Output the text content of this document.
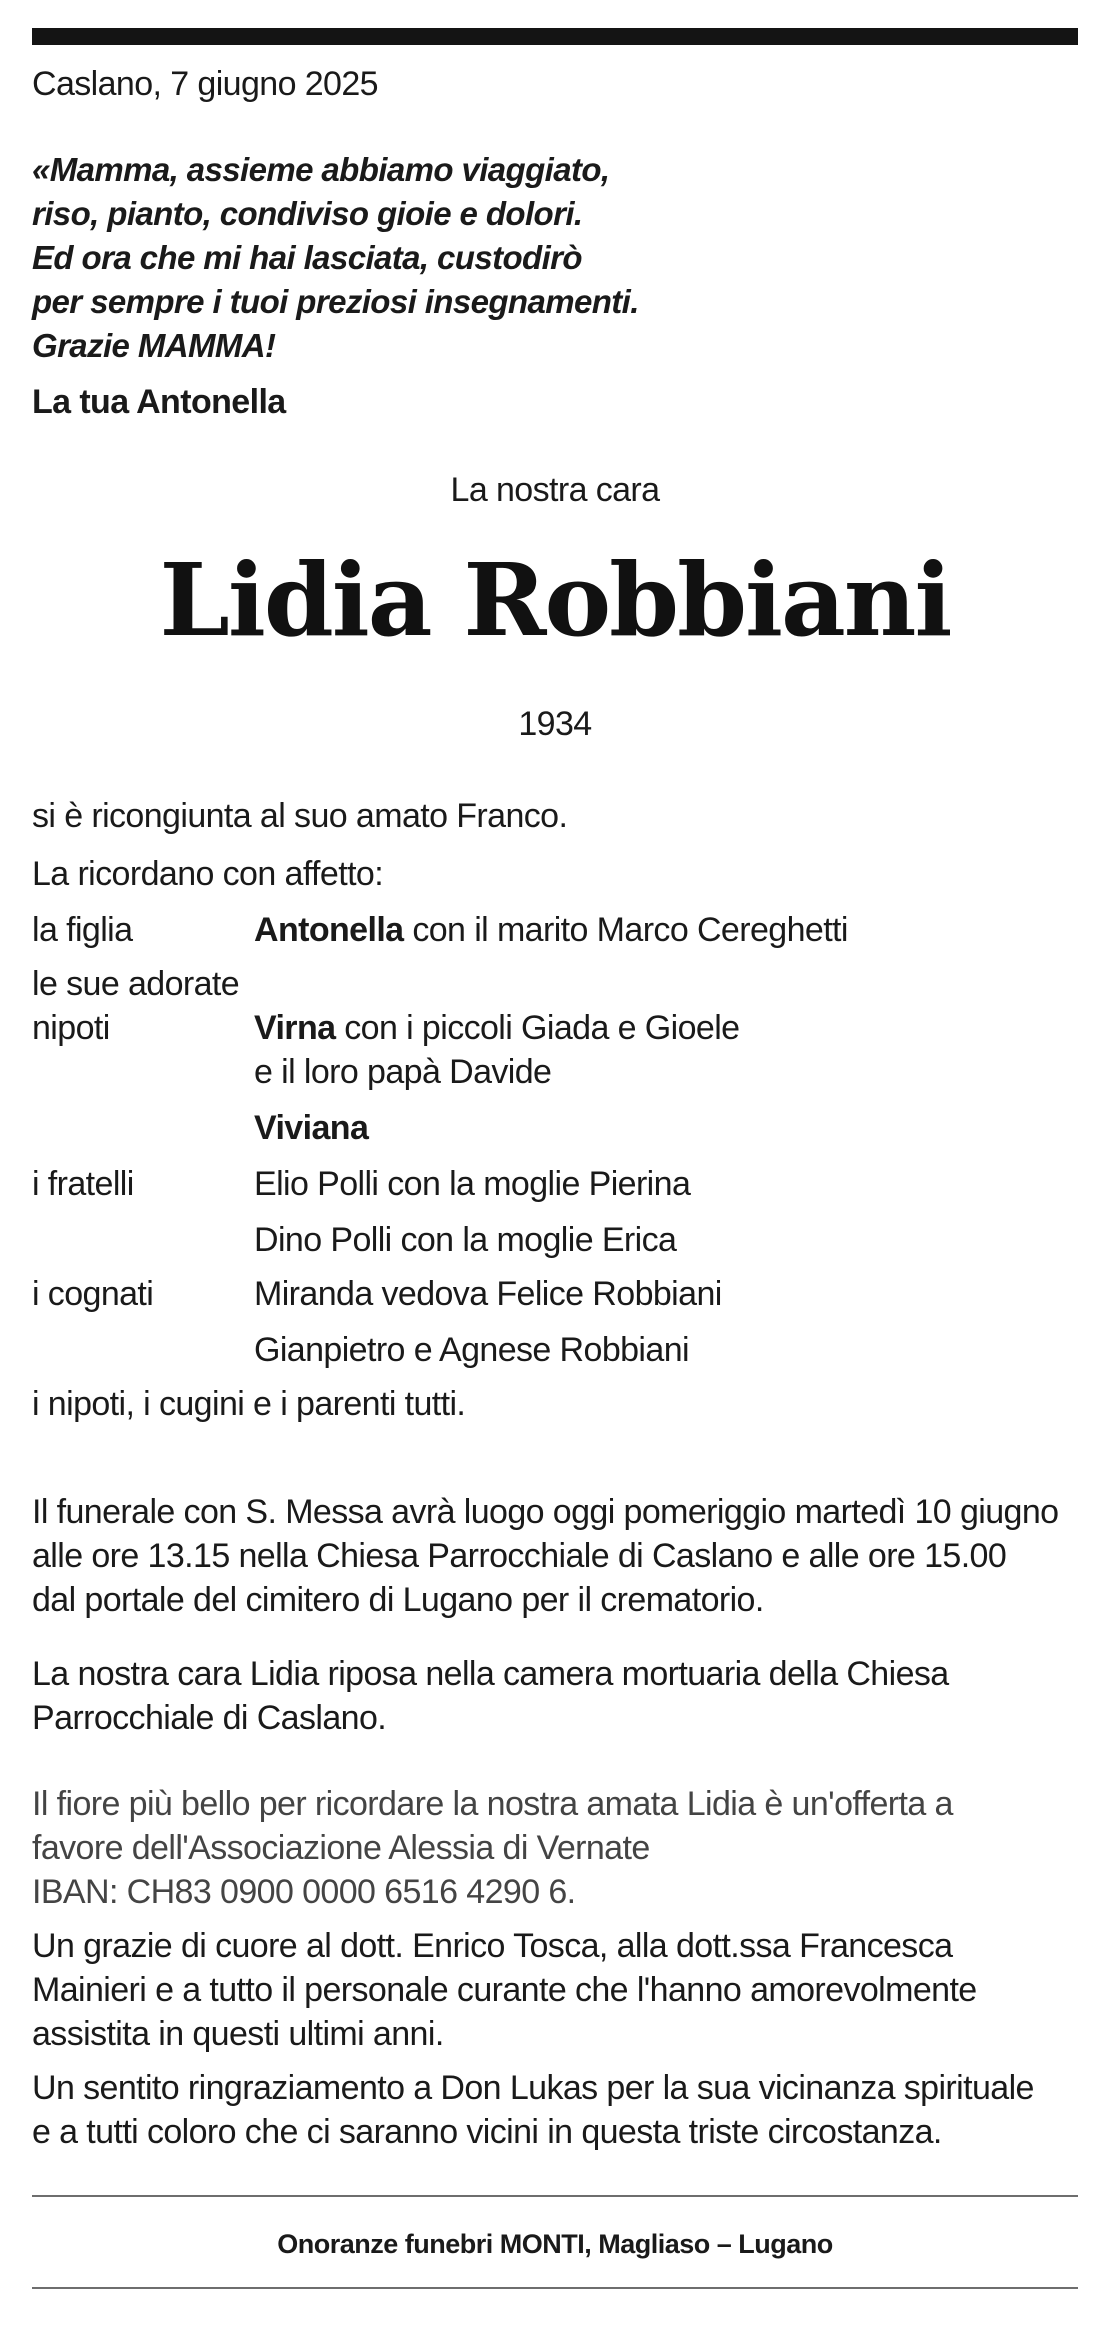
Caslano, 7 giugno 2025
«Mamma, assieme abbiamo viaggiato,
riso, pianto, condiviso gioie e dolori.
Ed ora che mi hai lasciata, custodirò
per sempre i tuoi preziosi insegnamenti.
Grazie MAMMA!
La tua Antonella
La nostra cara
Lidia Robbiani
1934
si è ricongiunta al suo amato Franco.
La ricordano con affetto:
la figlia	Antonella con il marito Marco Cereghetti
le sue adorate
nipoti	Virna con i piccoli Giada e Gioele
e il loro papà Davide
Viviana
i fratelli	Elio Polli con la moglie Pierina
Dino Polli con la moglie Erica
i cognati	Miranda vedova Felice Robbiani
Gianpietro e Agnese Robbiani
i nipoti, i cugini e i parenti tutti.
Il funerale con S. Messa avrà luogo oggi pomeriggio martedì 10 giugno
alle ore 13.15 nella Chiesa Parrocchiale di Caslano e alle ore 15.00
dal portale del cimitero di Lugano per il crematorio.
La nostra cara Lidia riposa nella camera mortuaria della Chiesa
Parrocchiale di Caslano.
Il fiore più bello per ricordare la nostra amata Lidia è un'offerta a
favore dell'Associazione Alessia di Vernate
IBAN: CH83 0900 0000 6516 4290 6.
Un grazie di cuore al dott. Enrico Tosca, alla dott.ssa Francesca
Mainieri e a tutto il personale curante che l'hanno amorevolmente
assistita in questi ultimi anni.
Un sentito ringraziamento a Don Lukas per la sua vicinanza spirituale
e a tutti coloro che ci saranno vicini in questa triste circostanza.
Onoranze funebri MONTI, Magliaso – Lugano
